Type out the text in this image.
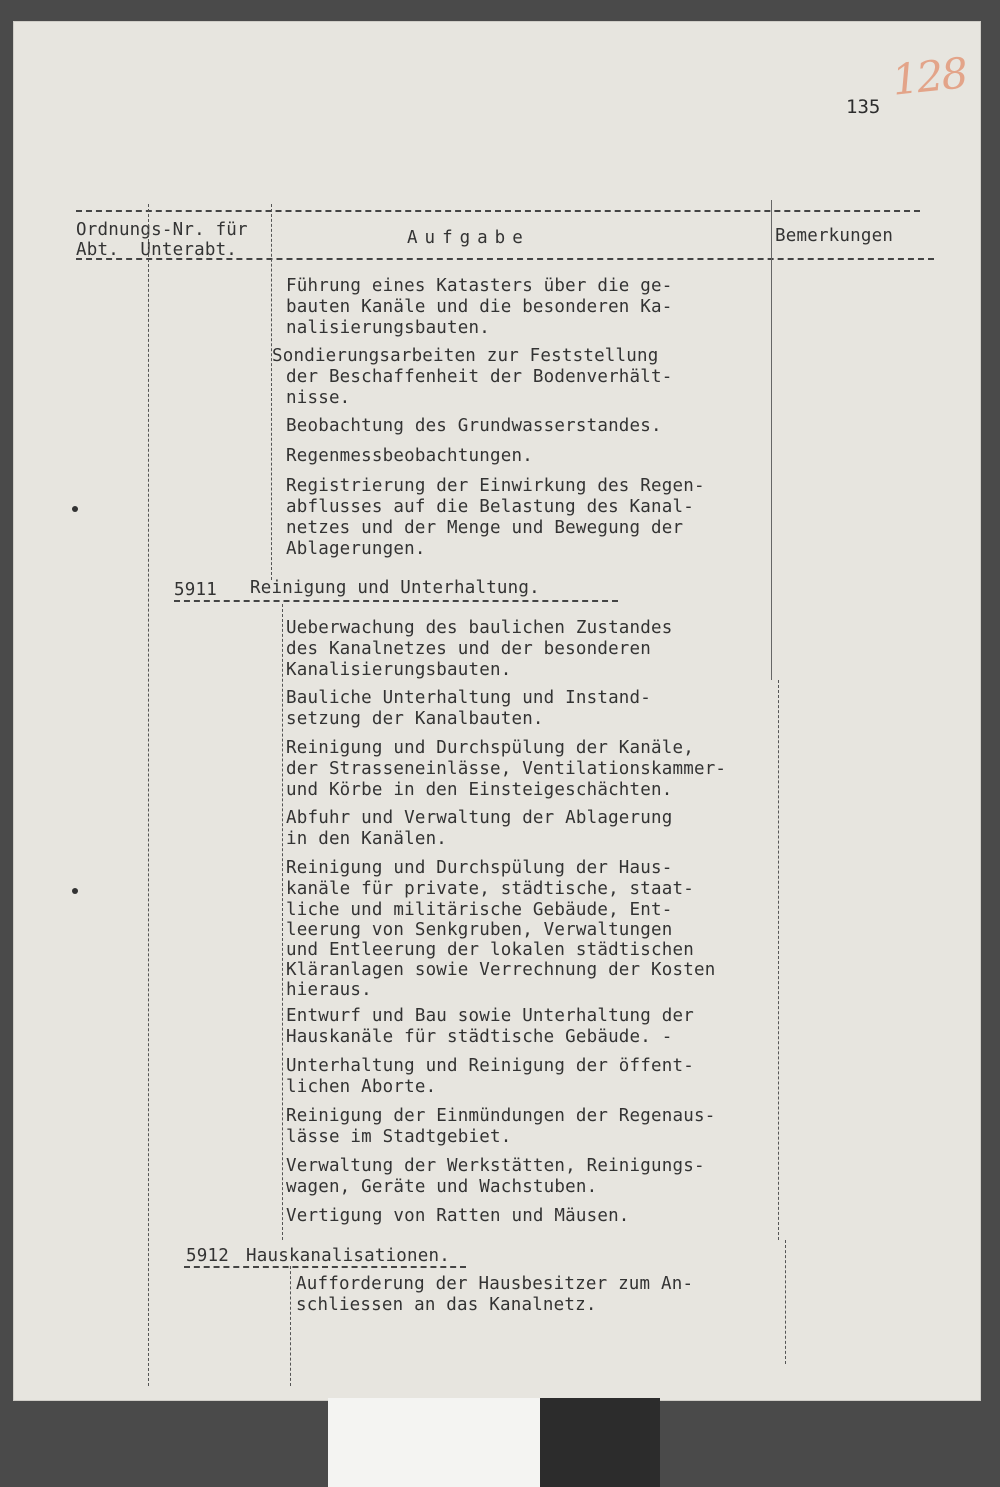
128
135
Ordnungs-Nr. für
Abt.  Unterabt.
Aufgabe	Bemerkungen
Führung eines Katasters über die ge-
bauten Kanäle und die besonderen Ka-
nalisierungsbauten.
Sondierungsarbeiten zur Feststellung
der Beschaffenheit der Bodenverhält-
nisse.
Beobachtung des Grundwasserstandes.
Regenmessbeobachtungen.
Registrierung der Einwirkung des Regen-
abflusses auf die Belastung des Kanal-
netzes und der Menge und Bewegung der
Ablagerungen.
5911 Reinigung und Unterhaltung.
Ueberwachung des baulichen Zustandes
des Kanalnetzes und der besonderen
Kanalisierungsbauten.
Bauliche Unterhaltung und Instand-
setzung der Kanalbauten.
Reinigung und Durchspülung der Kanäle,
der Strasseneinlässe, Ventilationskammer-
und Körbe in den Einsteigeschächten.
Abfuhr und Verwaltung der Ablagerung
in den Kanälen.
Reinigung und Durchspülung der Haus-
kanäle für private, städtische, staat-
liche und militärische Gebäude, Ent-
leerung von Senkgruben, Verwaltungen
und Entleerung der lokalen städtischen
Kläranlagen sowie Verrechnung der Kosten
hieraus.
Entwurf und Bau sowie Unterhaltung der
Hauskanäle für städtische Gebäude. -
Unterhaltung und Reinigung der öffent-
lichen Aborte.
Reinigung der Einmündungen der Regenaus-
lässe im Stadtgebiet.
Verwaltung der Werkstätten, Reinigungs-
wagen, Geräte und Wachstuben.
Vertigung von Ratten und Mäusen.
5912 Hauskanalisationen.
Aufforderung der Hausbesitzer zum An-
schliessen an das Kanalnetz.
